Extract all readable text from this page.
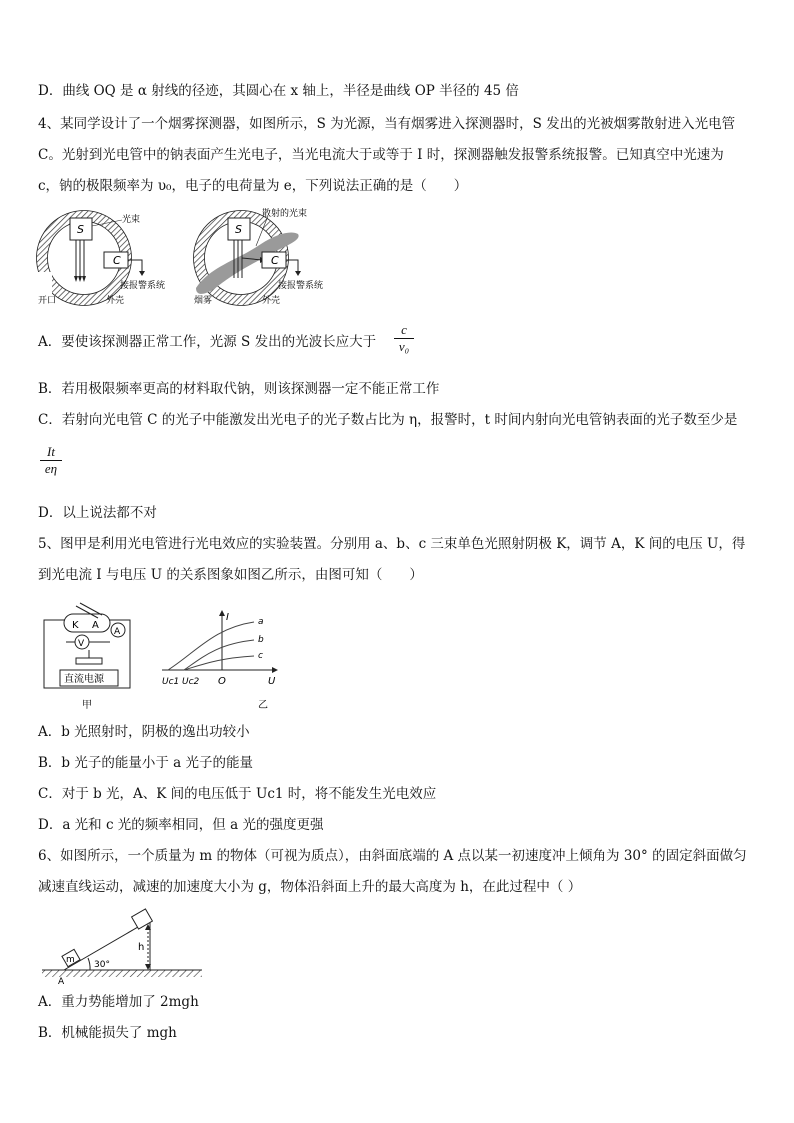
D．曲线 OQ 是 α 射线的径迹，其圆心在 x 轴上，半径是曲线 OP 半径的 45 倍
4、某同学设计了一个烟雾探测器，如图所示，S 为光源，当有烟雾进入探测器时，S 发出的光被烟雾散射进入光电管
C。光射到光电管中的钠表面产生光电子，当光电流大于或等于 I 时，探测器触发报警系统报警。已知真空中光速为
c，钠的极限频率为 υ₀，电子的电荷量为 e，下列说法正确的是（　　）
S
C
光束
接报警系统
开口	外壳
S
C
散射的光束
接报警系统
烟雾	外壳
A．要使该探测器正常工作，光源 S 发出的光波长应大于	$\frac{c}{\text{v₀}}$
B．若用极限频率更高的材料取代钠，则该探测器一定不能正常工作
C．若射向光电管 C 的光子中能激发出光电子的光子数占比为 η，报警时，t 时间内射向光电管钠表面的光子数至少是
$\frac{It}{e\eta}$
D．以上说法都不对
5、图甲是利用光电管进行光电效应的实验装置。分别用 a、b、c 三束单色光照射阴极 K，调节 A，K 间的电压 U，得
到光电流 I 与电压 U 的关系图象如图乙所示，由图可知（　　）
K A
A
V
直流电源
甲
I
U
O
a
b
c
Uc1 Uc2
乙
A．b 光照射时，阴极的逸出功较小
B．b 光子的能量小于 a 光子的能量
C．对于 b 光，A、K 间的电压低于 Uc1 时，将不能发生光电效应
D．a 光和 c 光的频率相同，但 a 光的强度更强
6、如图所示，一个质量为 m 的物体（可视为质点），由斜面底端的 A 点以某一初速度冲上倾角为 30° 的固定斜面做匀
减速直线运动，减速的加速度大小为 g，物体沿斜面上升的最大高度为 h，在此过程中（ ）
m
h
30°
A
A．重力势能增加了 2mgh
B．机械能损失了 mgh
